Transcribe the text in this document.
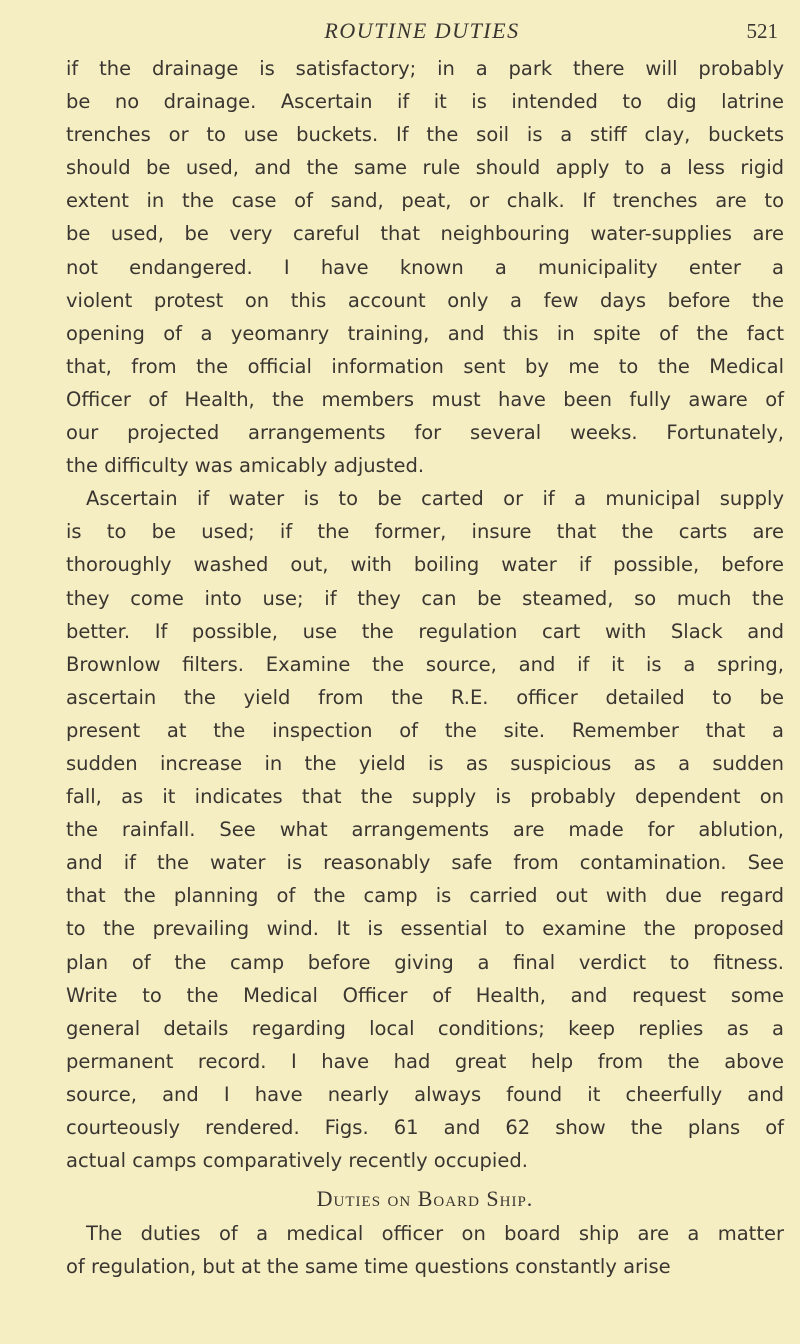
ROUTINE DUTIES	521
if the drainage is satisfactory; in a park there will probably
be no drainage. Ascertain if it is intended to dig latrine
trenches or to use buckets. If the soil is a stiff clay, buckets
should be used, and the same rule should apply to a less rigid
extent in the case of sand, peat, or chalk. If trenches are to
be used, be very careful that neighbouring water-supplies are
not endangered. I have known a municipality enter a
violent protest on this account only a few days before the
opening of a yeomanry training, and this in spite of the fact
that, from the official information sent by me to the Medical
Officer of Health, the members must have been fully aware of
our projected arrangements for several weeks. Fortunately,
the difficulty was amicably adjusted.
Ascertain if water is to be carted or if a municipal supply
is to be used; if the former, insure that the carts are
thoroughly washed out, with boiling water if possible, before
they come into use; if they can be steamed, so much the
better. If possible, use the regulation cart with Slack and
Brownlow filters. Examine the source, and if it is a spring,
ascertain the yield from the R.E. officer detailed to be
present at the inspection of the site. Remember that a
sudden increase in the yield is as suspicious as a sudden
fall, as it indicates that the supply is probably dependent on
the rainfall. See what arrangements are made for ablution,
and if the water is reasonably safe from contamination. See
that the planning of the camp is carried out with due regard
to the prevailing wind. It is essential to examine the proposed
plan of the camp before giving a final verdict to fitness.
Write to the Medical Officer of Health, and request some
general details regarding local conditions; keep replies as a
permanent record. I have had great help from the above
source, and I have nearly always found it cheerfully and
courteously rendered. Figs. 61 and 62 show the plans of
actual camps comparatively recently occupied.
Duties on Board Ship.
The duties of a medical officer on board ship are a matter
of regulation, but at the same time questions constantly arise
